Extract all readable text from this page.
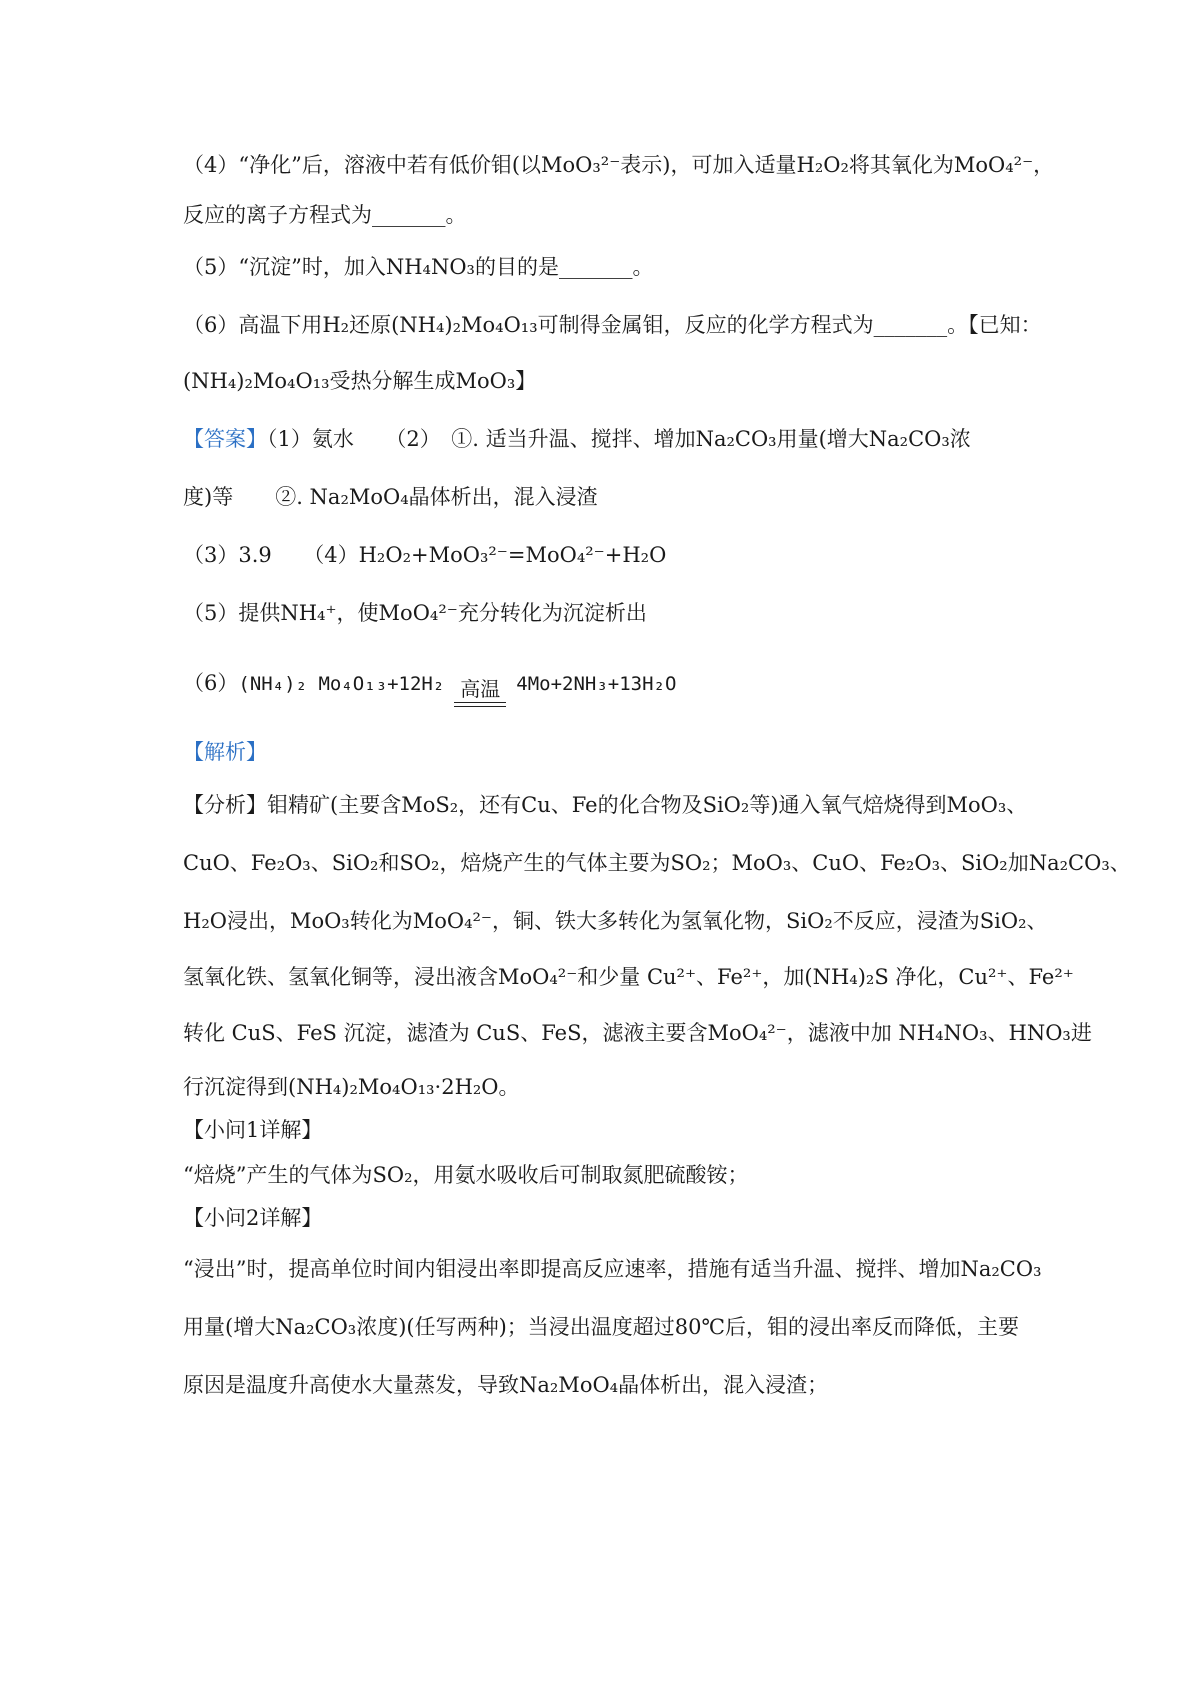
（4）“净化”后，溶液中若有低价钼(以MoO₃²⁻表示)，可加入适量H₂O₂将其氧化为MoO₄²⁻，
反应的离子方程式为_______。
（5）“沉淀”时，加入NH₄NO₃的目的是_______。
（6）高温下用H₂还原(NH₄)₂Mo₄O₁₃可制得金属钼，反应的化学方程式为_______。【已知：
(NH₄)₂Mo₄O₁₃受热分解生成MoO₃】
【答案】（1）氨水　　（2）　①. 适当升温、搅拌、增加Na₂CO₃用量(增大Na₂CO₃浓
度)等　　②. Na₂MoO₄晶体析出，混入浸渣
（3）3.9　　（4）H₂O₂+MoO₃²⁻=MoO₄²⁻+H₂O
（5）提供NH₄⁺，使MoO₄²⁻充分转化为沉淀析出
（6）(NH₄)₂ Mo₄O₁₃+12H₂ 高温 4Mo+2NH₃+13H₂O
【解析】
【分析】钼精矿(主要含MoS₂，还有Cu、Fe的化合物及SiO₂等)通入氧气焙烧得到MoO₃、
CuO、Fe₂O₃、SiO₂和SO₂，焙烧产生的气体主要为SO₂；MoO₃、CuO、Fe₂O₃、SiO₂加Na₂CO₃、
H₂O浸出，MoO₃转化为MoO₄²⁻，铜、铁大多转化为氢氧化物，SiO₂不反应，浸渣为SiO₂、
氢氧化铁、氢氧化铜等，浸出液含MoO₄²⁻和少量 Cu²⁺、Fe²⁺，加(NH₄)₂S 净化，Cu²⁺、Fe²⁺
转化 CuS、FeS 沉淀，滤渣为 CuS、FeS，滤液主要含MoO₄²⁻，滤液中加 NH₄NO₃、HNO₃进
行沉淀得到(NH₄)₂Mo₄O₁₃·2H₂O。
【小问1详解】
“焙烧”产生的气体为SO₂，用氨水吸收后可制取氮肥硫酸铵；
【小问2详解】
“浸出”时，提高单位时间内钼浸出率即提高反应速率，措施有适当升温、搅拌、增加Na₂CO₃
用量(增大Na₂CO₃浓度)(任写两种)；当浸出温度超过80℃后，钼的浸出率反而降低，主要
原因是温度升高使水大量蒸发，导致Na₂MoO₄晶体析出，混入浸渣；
